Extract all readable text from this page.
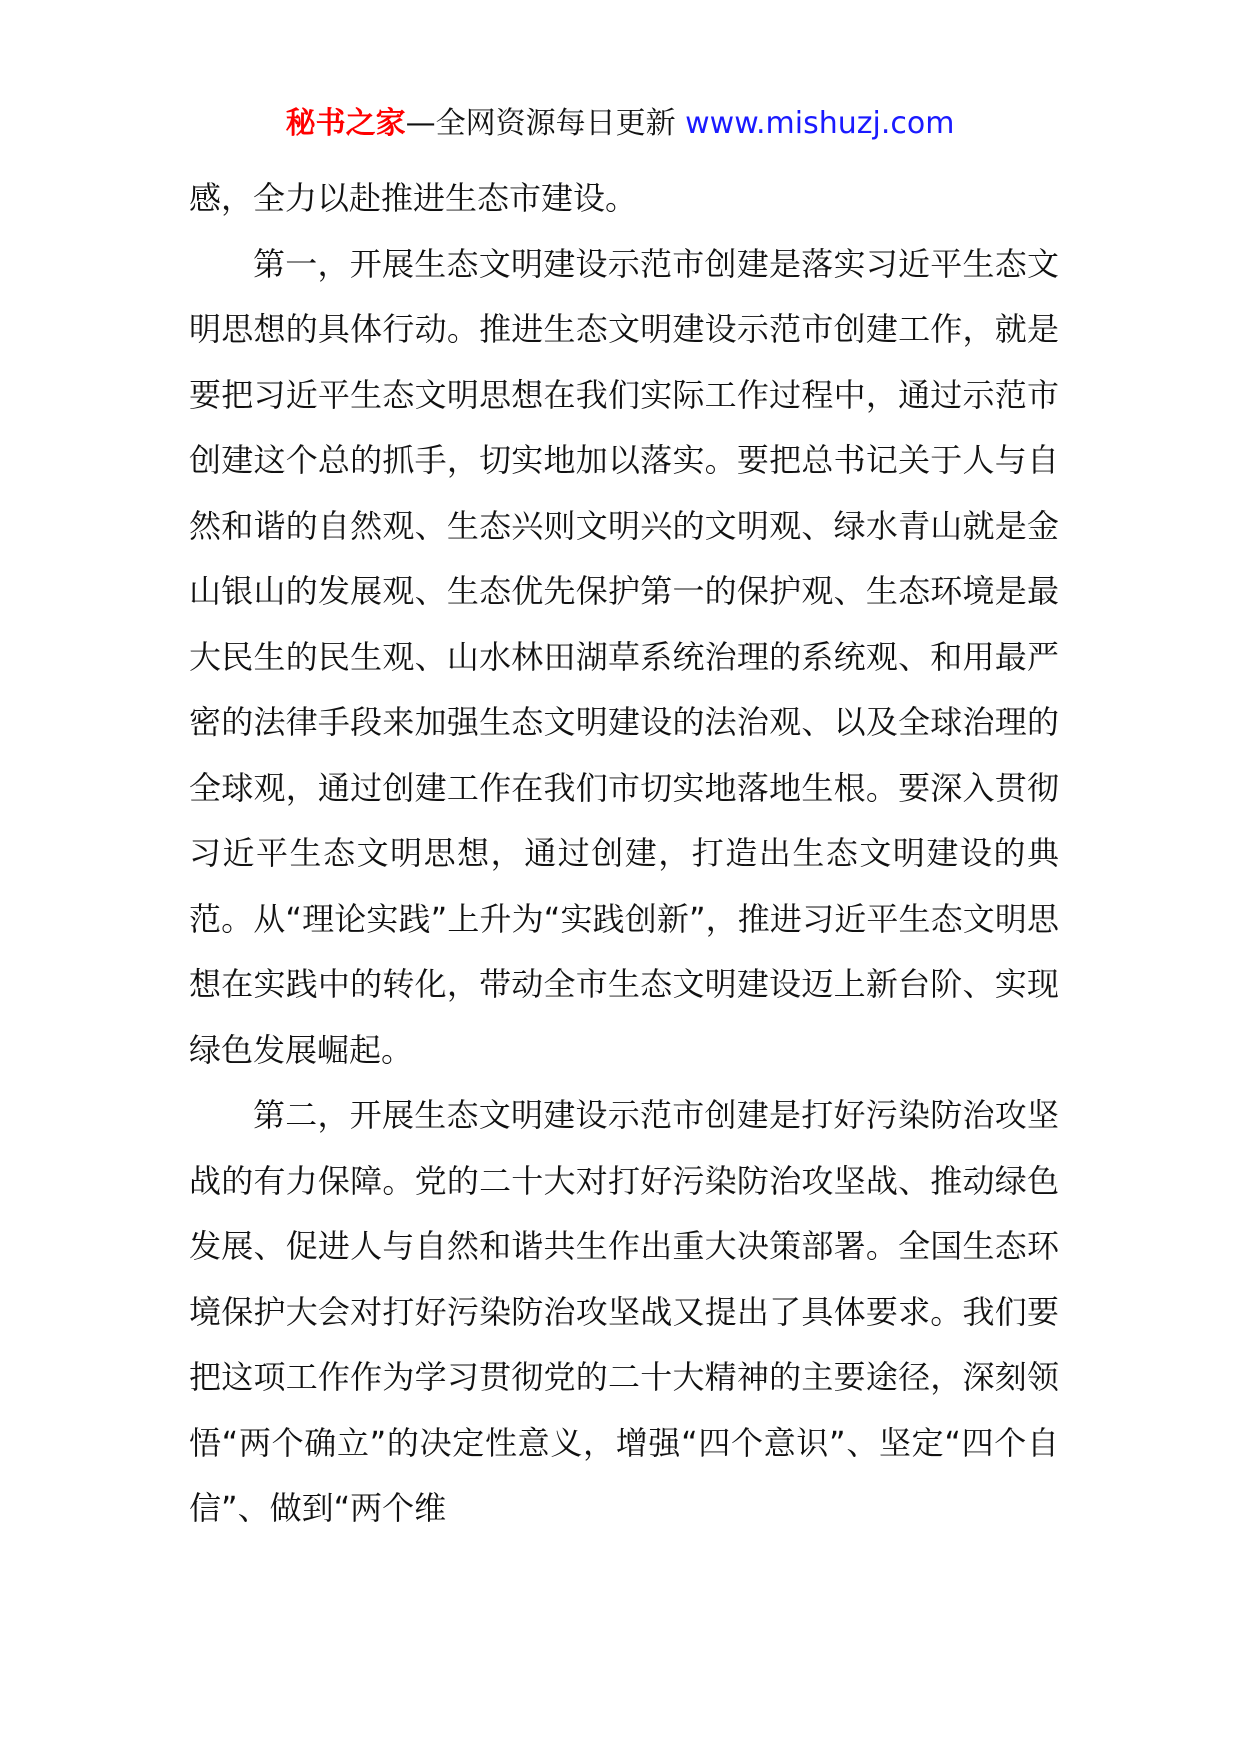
秘书之家—全网资源每日更新 www.mishuzj.com

感，全力以赴推进生态市建设。

第一，开展生态文明建设示范市创建是落实习近平生态文明思想的具体行动。推进生态文明建设示范市创建工作，就是要把习近平生态文明思想在我们实际工作过程中，通过示范市创建这个总的抓手，切实地加以落实。要把总书记关于人与自然和谐的自然观、生态兴则文明兴的文明观、绿水青山就是金山银山的发展观、生态优先保护第一的保护观、生态环境是最大民生的民生观、山水林田湖草系统治理的系统观、和用最严密的法律手段来加强生态文明建设的法治观、以及全球治理的全球观，通过创建工作在我们市切实地落地生根。要深入贯彻习近平生态文明思想，通过创建，打造出生态文明建设的典范。从“理论实践”上升为“实践创新”，推进习近平生态文明思想在实践中的转化，带动全市生态文明建设迈上新台阶、实现绿色发展崛起。

第二，开展生态文明建设示范市创建是打好污染防治攻坚战的有力保障。党的二十大对打好污染防治攻坚战、推动绿色发展、促进人与自然和谐共生作出重大决策部署。全国生态环境保护大会对打好污染防治攻坚战又提出了具体要求。我们要把这项工作作为学习贯彻党的二十大精神的主要途径，深刻领悟“两个确立”的决定性意义，增强“四个意识”、坚定“四个自信”、做到“两个维
